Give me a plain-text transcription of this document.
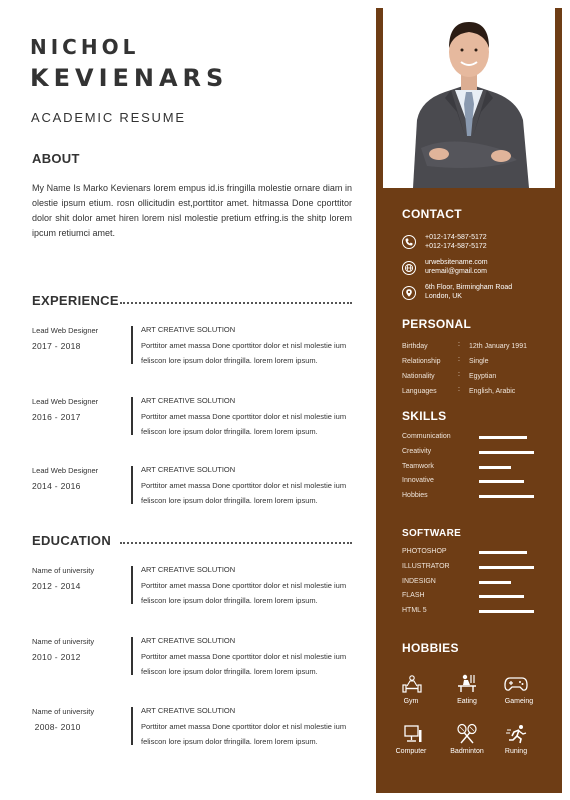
NICHOL
KEVIENARS
ACADEMIC RESUME
ABOUT
My Name Is Marko Kevienars lorem empus id.is fringilla molestie ornare diam in olestie ipsum etium. rosn ollicitudin est,porttitor amet. hitmassa Done cporttitor dolor shit dolor amet hiren lorem nisl molestie pretium etfring.is the shitp lorem ipcum retiumci amet.
EXPERIENCE
Lead Web Designer
2017 - 2018
ART CREATIVE SOLUTION
Porttitor amet massa Done cporttitor dolor et nisl molestie ium feliscon lore ipsum dolor tfringilla. lorem lorem ipsum.
Lead Web Designer
2016 - 2017
ART CREATIVE SOLUTION
Porttitor amet massa Done cporttitor dolor et nisl molestie ium feliscon lore ipsum dolor tfringilla. lorem lorem ipsum.
Lead Web Designer
2014 - 2016
ART CREATIVE SOLUTION
Porttitor amet massa Done cporttitor dolor et nisl molestie ium feliscon lore ipsum dolor tfringilla. lorem lorem ipsum.
EDUCATION
Name of university
2012 - 2014
ART CREATIVE SOLUTION
Porttitor amet massa Done cporttitor dolor et nisl molestie ium feliscon lore ipsum dolor tfringilla. lorem lorem ipsum.
Name of university
2010 - 2012
ART CREATIVE SOLUTION
Porttitor amet massa Done cporttitor dolor et nisl molestie ium feliscon lore ipsum dolor tfringilla. lorem lorem ipsum.
Name of university
2008- 2010
ART CREATIVE SOLUTION
Porttitor amet massa Done cporttitor dolor et nisl molestie ium feliscon lore ipsum dolor tfringilla. lorem lorem ipsum.
CONTACT
+012-174-587-5172
+012-174-587-5172
urwebsitename.com
uremail@gmail.com
6th Floor, Birmingham Road
London, UK
PERSONAL
Birthday	: 12th January 1991
Relationship : Single
Nationality	: Egyptian
Languages	: English, Arabic
SKILLS
Communication
Creativity
Teamwork
Innovative
Hobbies
SOFTWARE
PHOTOSHOP
ILLUSTRATOR
INDESIGN
FLASH
HTML 5
HOBBIES
Gym	Eating	Gameing
Computer	Badminton	Runing
